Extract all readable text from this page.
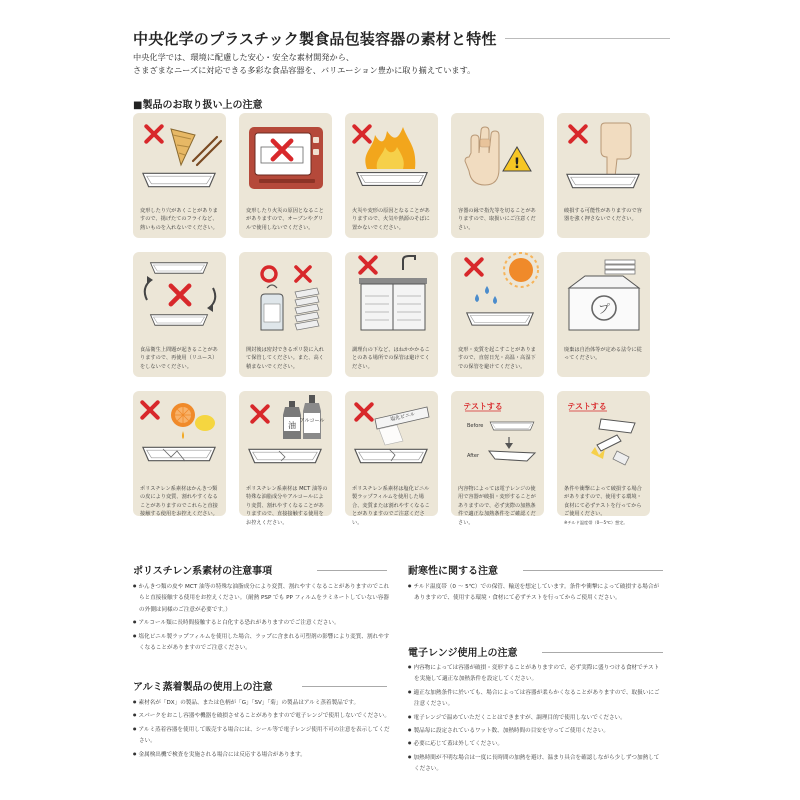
中央化学のプラスチック製食品包装容器の素材と特性
中央化学では、環境に配慮した安心・安全な素材開発から、
さまざまなニーズに対応できる多彩な食品容器を、バリエーション豊かに取り揃えています。
■製品のお取り扱い上の注意
変形したり穴があくことがありますので、揚げたてのフライなど、熱いものを入れないでください。
変形したり火災の原因となることがありますので、オーブンやグリルで使用しないでください。
火災や変形の原因となることがありますので、火気や熱源のそばに置かないでください。
!
容器の縁で指先等を切ることがありますので、取扱いにご注意ください。
破損する可能性がありますので容器を強く押さないでください。
食品衛生上問題が起きることがありますので、再使用（リユース）をしないでください。
開封後は密封できるポリ袋に入れて保管してください。また、高く積まないでください。
調理台の下など、はねかかかることのある場所での保管は避けてください。
変形・変質を起こすことがありますので、直射日光・高温・高湿下での保管を避けてください。
プ
廃棄は自治体等が定める法令に従ってください。
ポリスチレン系素材はかんきつ類の皮により変質、割れやすくなることがありますのでこれらと直接接触する使用をお控えください。
油 アルコール
ポリスチレン系素材は MCT 油等の特殊な油脂成分やアルコールにより変質、割れやすくなることがありますので、直接接触する使用をお控えください。
塩化ビニル
ポリスチレン系素材は塩化ビニル製ラップフィルムを使用した場合、変質または割れやすくなることがありますのでご注意ください。
テストする
Before
After
内容物によっては電子レンジの使用で容器が破損・変形することがありますので、必ず実際の加熱条件で適正な加熱条件をご確認ください。
テストする
条件や衝撃によって破損する場合がありますので、使用する環境・食材にて必ずテストを行ってからご使用ください。
※チルド温度帯（0～5℃）想定。
ポリスチレン系素材の注意事項

● かんきつ類の皮や MCT 油等の特殊な油脂成分により変質、割れやすくなることがありますのでこれらと直接接触する使用をお控えください。（耐熱 PSP でも PP フィルムをラミネートしていない容器の外側は同様のご注意が必要です。）

● アルコール類に長時間接触すると白化する恐れがありますのでご注意ください。

● 塩化ビニル製ラップフィルムを使用した場合、ラップに含まれる可塑剤の影響により変質、割れやすくなることがありますのでご注意ください。

アルミ蒸着製品の使用上の注意

● 素材名が「DX」の製品、または色柄が「G」「SV」「菊」の製品はアルミ蒸着製品です。

● スパークをおこし容器や機器を破損させることがありますので電子レンジで使用しないでください。

● アルミ蒸着容器を使用して販売する場合には、シール等で電子レンジ使用不可の注意を表示してください。

● 金属検出機で検査を実施される場合には反応する場合があります。

耐寒性に関する注意

● チルド温度帯（0 ～ 5℃）での保管、輸送を想定しています。条件や衝撃によって破損する場合がありますので、使用する環境・食材にて必ずテストを行ってからご使用ください。

電子レンジ使用上の注意

● 内容物によっては容器が破損・変形することがありますので、必ず実際に盛りつける食材でテストを実施して適正な加熱条件を設定してください。

● 適正な加熱条件に於いても、場合によっては容器が柔らかくなることがありますので、取扱いにご注意ください。

● 電子レンジで温めていただくことはできますが、調理目的で使用しないでください。

● 製品毎に設定されているワット数、加熱時間の目安を守ってご使用ください。

● 必要に応じて蓋は外してください。

● 加熱時間が不明な場合は一度に長時間の加熱を避け、温まり具合を確認しながら少しずつ加熱してください。
